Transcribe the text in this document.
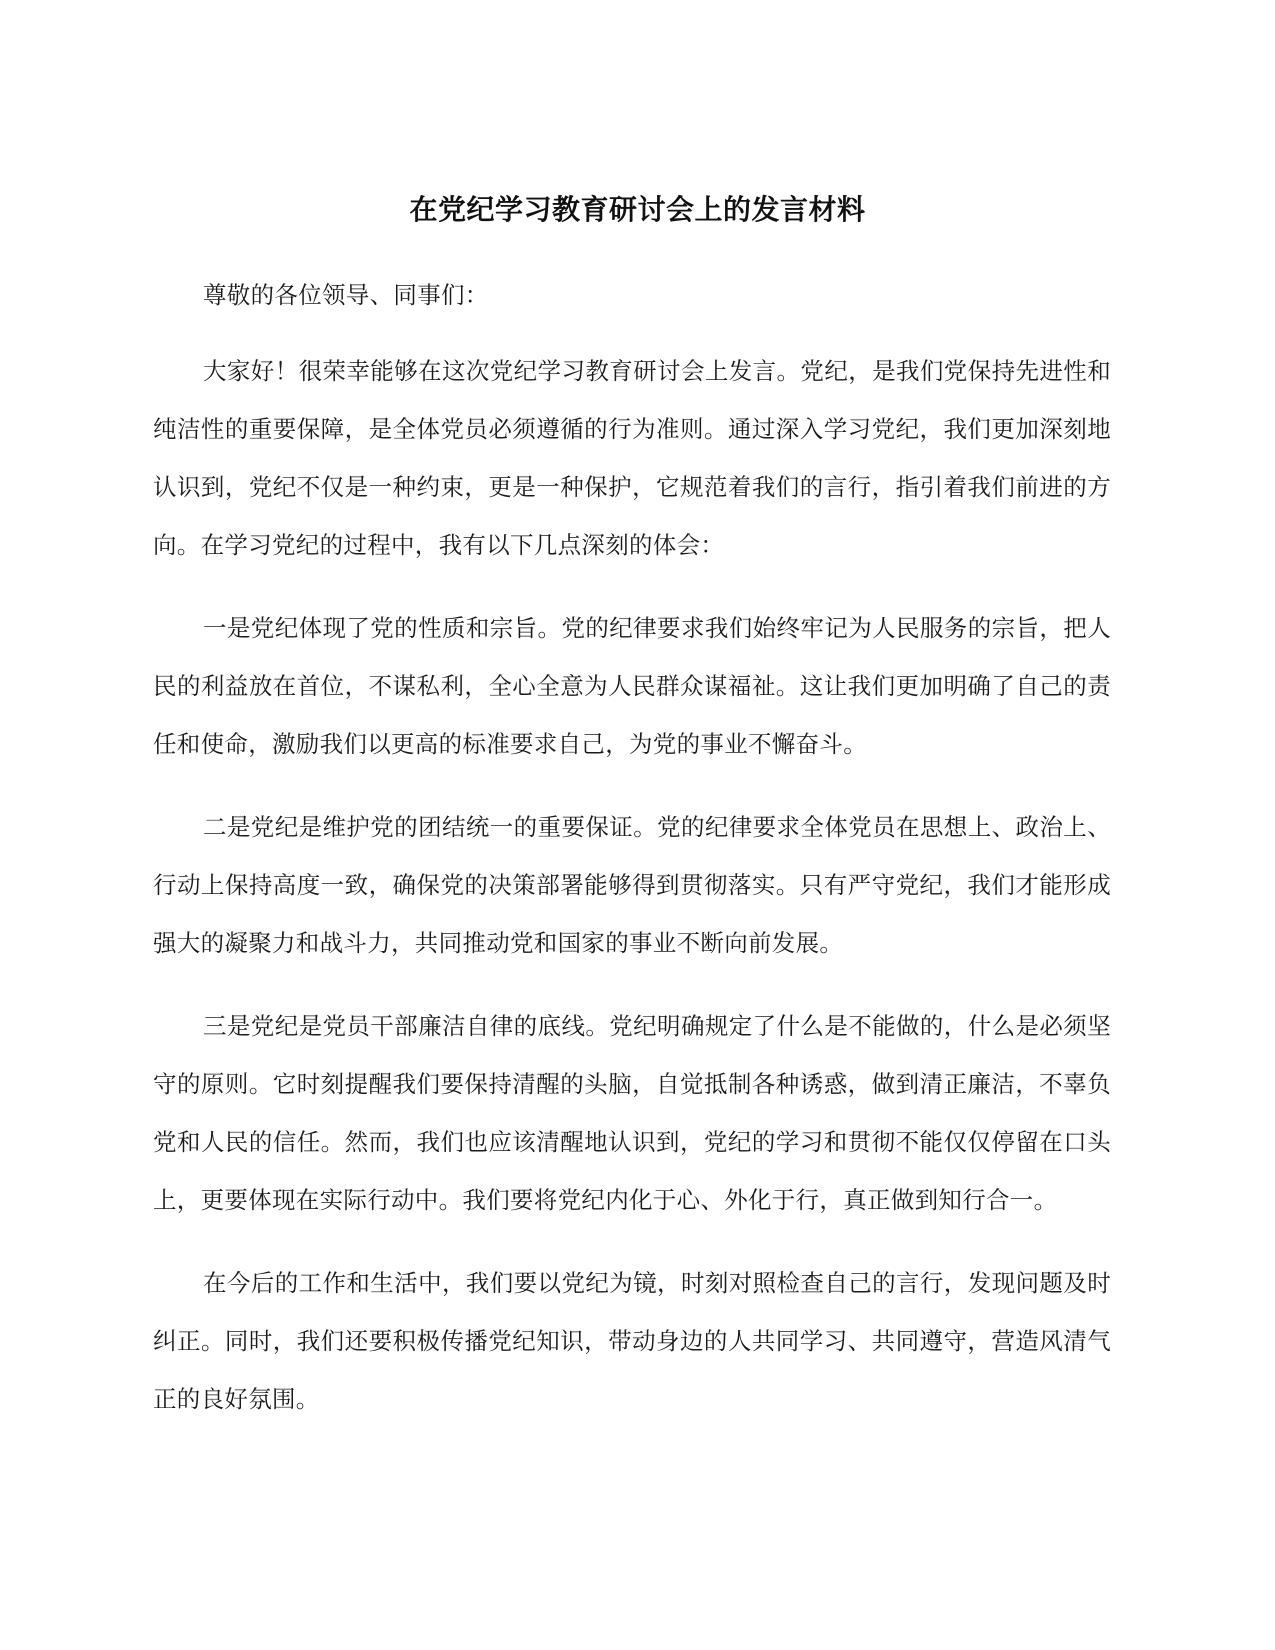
在党纪学习教育研讨会上的发言材料

尊敬的各位领导、同事们：

大家好！很荣幸能够在这次党纪学习教育研讨会上发言。党纪，是我们党保持先进性和纯洁性的重要保障，是全体党员必须遵循的行为准则。通过深入学习党纪，我们更加深刻地认识到，党纪不仅是一种约束，更是一种保护，它规范着我们的言行，指引着我们前进的方向。在学习党纪的过程中，我有以下几点深刻的体会：

一是党纪体现了党的性质和宗旨。党的纪律要求我们始终牢记为人民服务的宗旨，把人民的利益放在首位，不谋私利，全心全意为人民群众谋福祉。这让我们更加明确了自己的责任和使命，激励我们以更高的标准要求自己，为党的事业不懈奋斗。

二是党纪是维护党的团结统一的重要保证。党的纪律要求全体党员在思想上、政治上、行动上保持高度一致，确保党的决策部署能够得到贯彻落实。只有严守党纪，我们才能形成强大的凝聚力和战斗力，共同推动党和国家的事业不断向前发展。

三是党纪是党员干部廉洁自律的底线。党纪明确规定了什么是不能做的，什么是必须坚守的原则。它时刻提醒我们要保持清醒的头脑，自觉抵制各种诱惑，做到清正廉洁，不辜负党和人民的信任。然而，我们也应该清醒地认识到，党纪的学习和贯彻不能仅仅停留在口头上，更要体现在实际行动中。我们要将党纪内化于心、外化于行，真正做到知行合一。

在今后的工作和生活中，我们要以党纪为镜，时刻对照检查自己的言行，发现问题及时纠正。同时，我们还要积极传播党纪知识，带动身边的人共同学习、共同遵守，营造风清气正的良好氛围。
